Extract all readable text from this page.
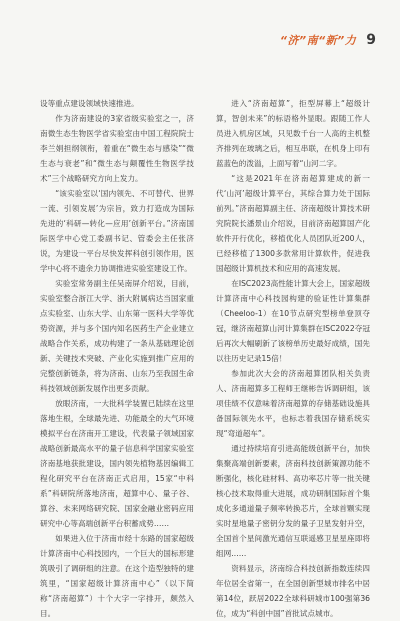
“济”南“新”力 9

设等重点建设领域快速推进。

作为济南建设的3家省级实验室之一，济南微生态生物医学省实验室由中国工程院院士李兰娟担纲领衔，着重在“微生态与感染”“微生态与衰老”和“微生态与颠覆性生物医学技术”三个战略研究方向上发力。

“该实验室以‘国内领先、不可替代、世界一流、引领发展’为宗旨，致力打造成为国际先进的‘科研—转化—应用’创新平台。”济南国际医学中心党工委副书记、管委会主任张济说，为建设一平台尽快发挥科创引领作用，医学中心将不遗余力协调推进实验室建设工作。

实验室常务副主任吴南屏介绍说，目前，实验室整合浙江大学、浙大附属病达当国家重点实验室、山东大学、山东第一医科大学等优势资源，并与多个国内知名医药生产企业建立战略合作关系，成功构建了一条从基础理论创新、关键技术突破、产业化实施到推广应用的完整创新链条，将为济南、山东乃至我国生命科技领域创新发展作出更多贡献。

放眼济南，一大批科学装置已陆续在这里落地生根，全球最先进、功能最全的大气环境模拟平台在济南开工建设，代表量子领域国家战略创新最高水平的量子信息科学国家实验室济南基地获批建设，国内领先植物基因编辑工程化研究平台在济南正式启用，15家“中科系”科研院所落地济南，超算中心、量子谷、算谷、未来网络研究院、国家金融业密码应用研究中心等高端创新平台积蓄成势……

如果进入位于济南市经十东路的国家超级计算济南中心科技园内，一个巨大的国标形建筑吸引了调研组的注意。在这个造型独特的建筑里，“国家超级计算济南中心”（以下简称“济南超算”）十个大字一字排开，颇然入目。

进入“济南超算”，拒型屏幕上“超级计算，智创未来”的标语格外显眼。跟随工作人员进入机房区域，只见数千台一人高的主机整齐排列在玻璃之后，相互串联，在机身上印有蓝蓝色的泼溢，上面写着“山河二字。

“这是2021年在济南超算建成的新一代‘山河’超级计算平台，其综合算力处于国际前列。”济南超算副主任、济南超级计算技术研究院院长潘景山介绍说，目前济南超算国产化软件开行优化，移植优化人员团队近200人，已经移植了1300多款常用计算软件，促进我国超级计算机技术和应用的高速发展。

在ISC2023高性能计算大会上，国家超级计算济南中心科技园构建的验证性计算集群（Cheeloo-1）在10节点研究型榜单登顶夺冠，继济南超算山河计算集群在ISC2022夺冠后再次大幅刷新了该榜单历史最好成绩，国先以往历史记录15倍！

参加此次大会的济南超算团队相关负责人、济南超算多工程师王继彬告诉调研组，该项佳绩不仅意味着济南超算的存储基础设施具备国际领先水平，也标志着我国存储系统实现“弯道超车”。

通过持续培育引进高能级创新平台，加快集聚高端创新要素，济南科技创新策源功能不断强化，核化硅材料、高功率芯片等一批关键核心技术取得重大进展，成功研制国际首个集成化多通道量子频率转换芯片，全球首颗实现实时星地量子密钥分发的量子卫星发射升空，全国首个星间激光通信互联遥感卫星星座即将组网……

资料显示，济南综合科技创新指数连续四年位居全省第一，在全国创新型城市排名中居第14位，跃居2022全球科研城市100强第36位，成为“科创中国”首批试点城市。
